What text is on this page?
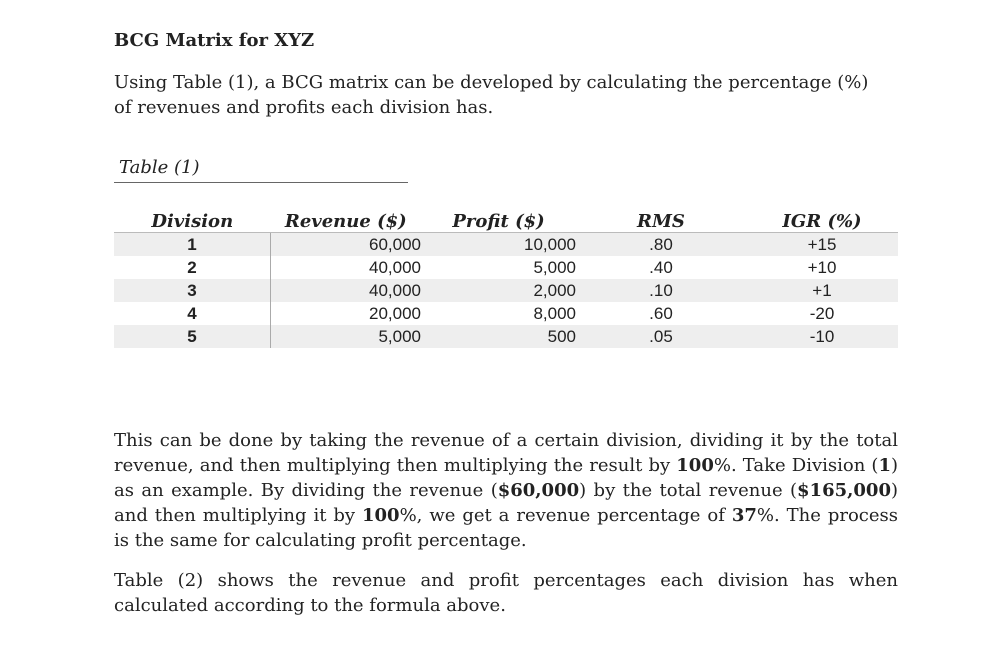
BCG Matrix for XYZ
Using Table (1), a BCG matrix can be developed by calculating the percentage (%) of revenues and profits each division has.
Table (1)
Division	Revenue ($)	Profit ($)	RMS	IGR (%)
1	60,000	10,000	.80	+15
2	40,000	5,000	.40	+10
3	40,000	2,000	.10	+1
4	20,000	8,000	.60	-20
5	5,000	500	.05	-10
This can be done by taking the revenue of a certain division, dividing it by the total revenue, and then multiplying then multiplying the result by 100%. Take Division (1) as an example. By dividing the revenue ($60,000) by the total revenue ($165,000) and then multiplying it by 100%, we get a revenue percentage of 37%. The process is the same for calculating profit percentage.
Table (2) shows the revenue and profit percentages each division has when calculated according to the formula above.
